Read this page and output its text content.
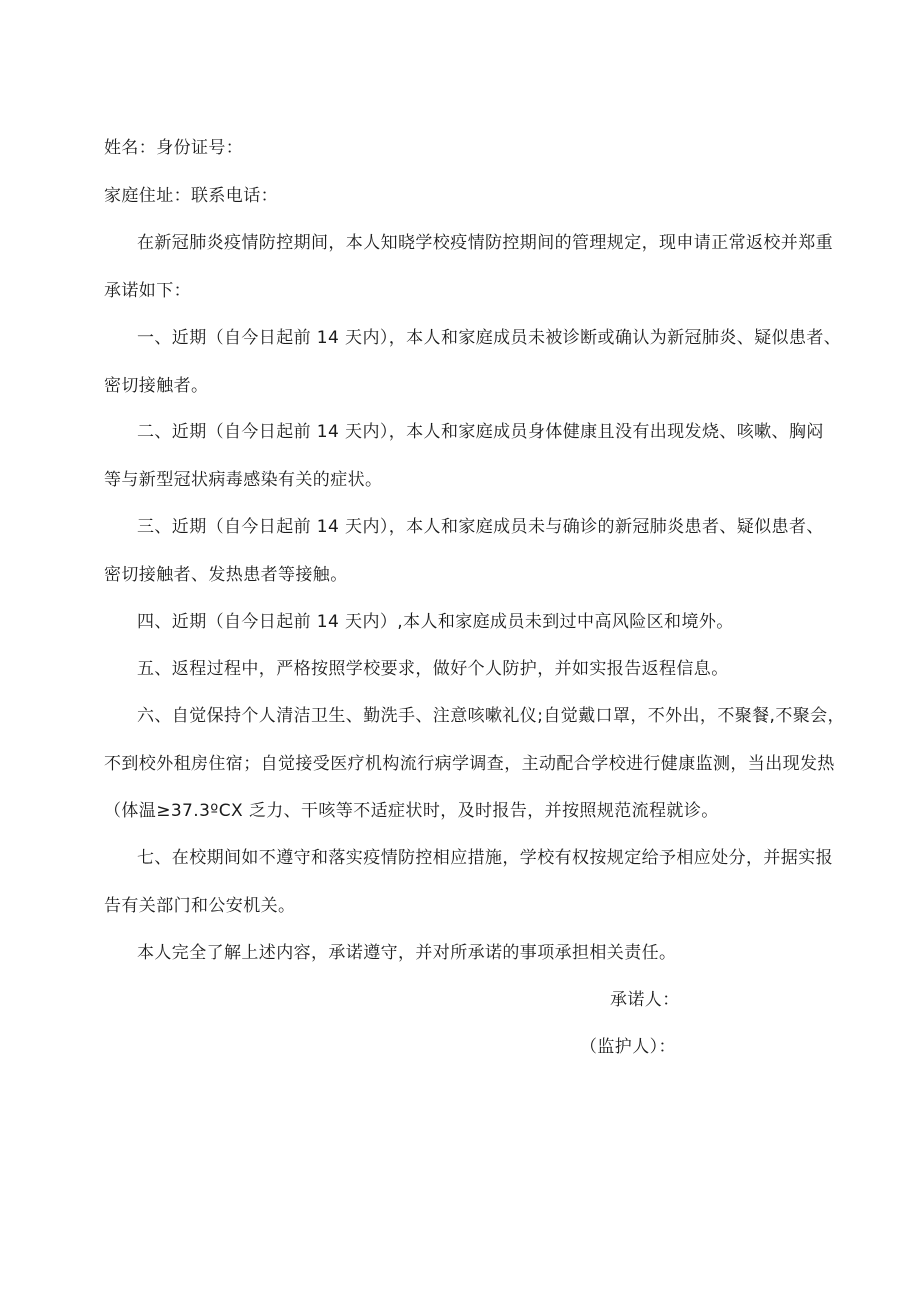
姓名：身份证号：
家庭住址：联系电话：
在新冠肺炎疫情防控期间，本人知晓学校疫情防控期间的管理规定，现申请正常返校并郑重
承诺如下：
一、近期（自今日起前 14 天内），本人和家庭成员未被诊断或确认为新冠肺炎、疑似患者、
密切接触者。
二、近期（自今日起前 14 天内），本人和家庭成员身体健康且没有出现发烧、咳嗽、胸闷
等与新型冠状病毒感染有关的症状。
三、近期（自今日起前 14 天内），本人和家庭成员未与确诊的新冠肺炎患者、疑似患者、
密切接触者、发热患者等接触。
四、近期（自今日起前 14 天内）,本人和家庭成员未到过中高风险区和境外。
五、返程过程中，严格按照学校要求，做好个人防护，并如实报告返程信息。
六、自觉保持个人清洁卫生、勤洗手、注意咳嗽礼仪;自觉戴口罩，不外出，不聚餐,不聚会，
不到校外租房住宿；自觉接受医疗机构流行病学调查，主动配合学校进行健康监测，当出现发热
（体温≥37.3ºCX 乏力、干咳等不适症状时，及时报告，并按照规范流程就诊。
七、在校期间如不遵守和落实疫情防控相应措施，学校有权按规定给予相应处分，并据实报
告有关部门和公安机关。
本人完全了解上述内容，承诺遵守，并对所承诺的事项承担相关责任。
承诺人：
（监护人）：
